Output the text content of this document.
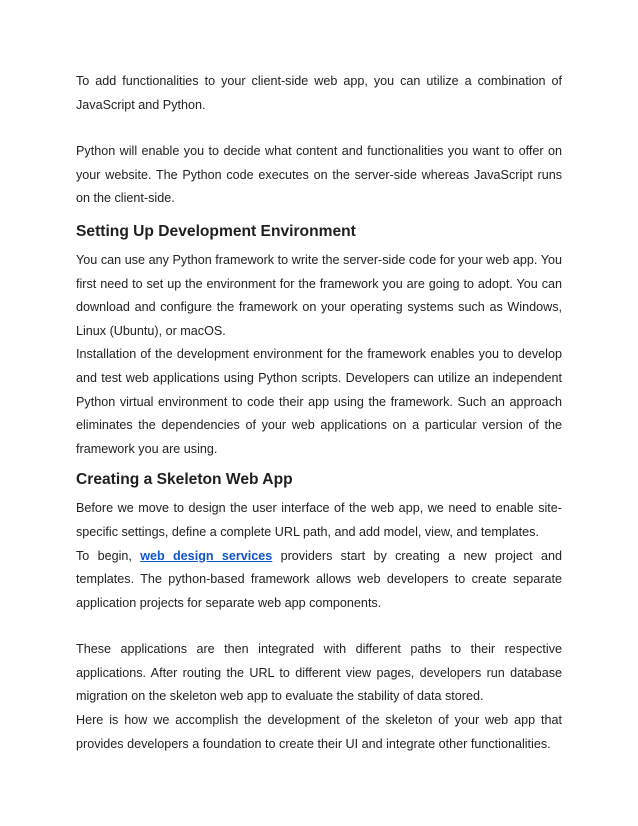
To add functionalities to your client-side web app, you can utilize a combination of JavaScript and Python.

Python will enable you to decide what content and functionalities you want to offer on your website. The Python code executes on the server-side whereas JavaScript runs on the client-side.

Setting Up Development Environment

You can use any Python framework to write the server-side code for your web app. You first need to set up the environment for the framework you are going to adopt. You can download and configure the framework on your operating systems such as Windows, Linux (Ubuntu), or macOS.

Installation of the development environment for the framework enables you to develop and test web applications using Python scripts. Developers can utilize an independent Python virtual environment to code their app using the framework. Such an approach eliminates the dependencies of your web applications on a particular version of the framework you are using.

Creating a Skeleton Web App

Before we move to design the user interface of the web app, we need to enable site-specific settings, define a complete URL path, and add model, view, and templates.

To begin, web design services providers start by creating a new project and templates. The python-based framework allows web developers to create separate application projects for separate web app components.

These applications are then integrated with different paths to their respective applications. After routing the URL to different view pages, developers run database migration on the skeleton web app to evaluate the stability of data stored.

Here is how we accomplish the development of the skeleton of your web app that provides developers a foundation to create their UI and integrate other functionalities.
